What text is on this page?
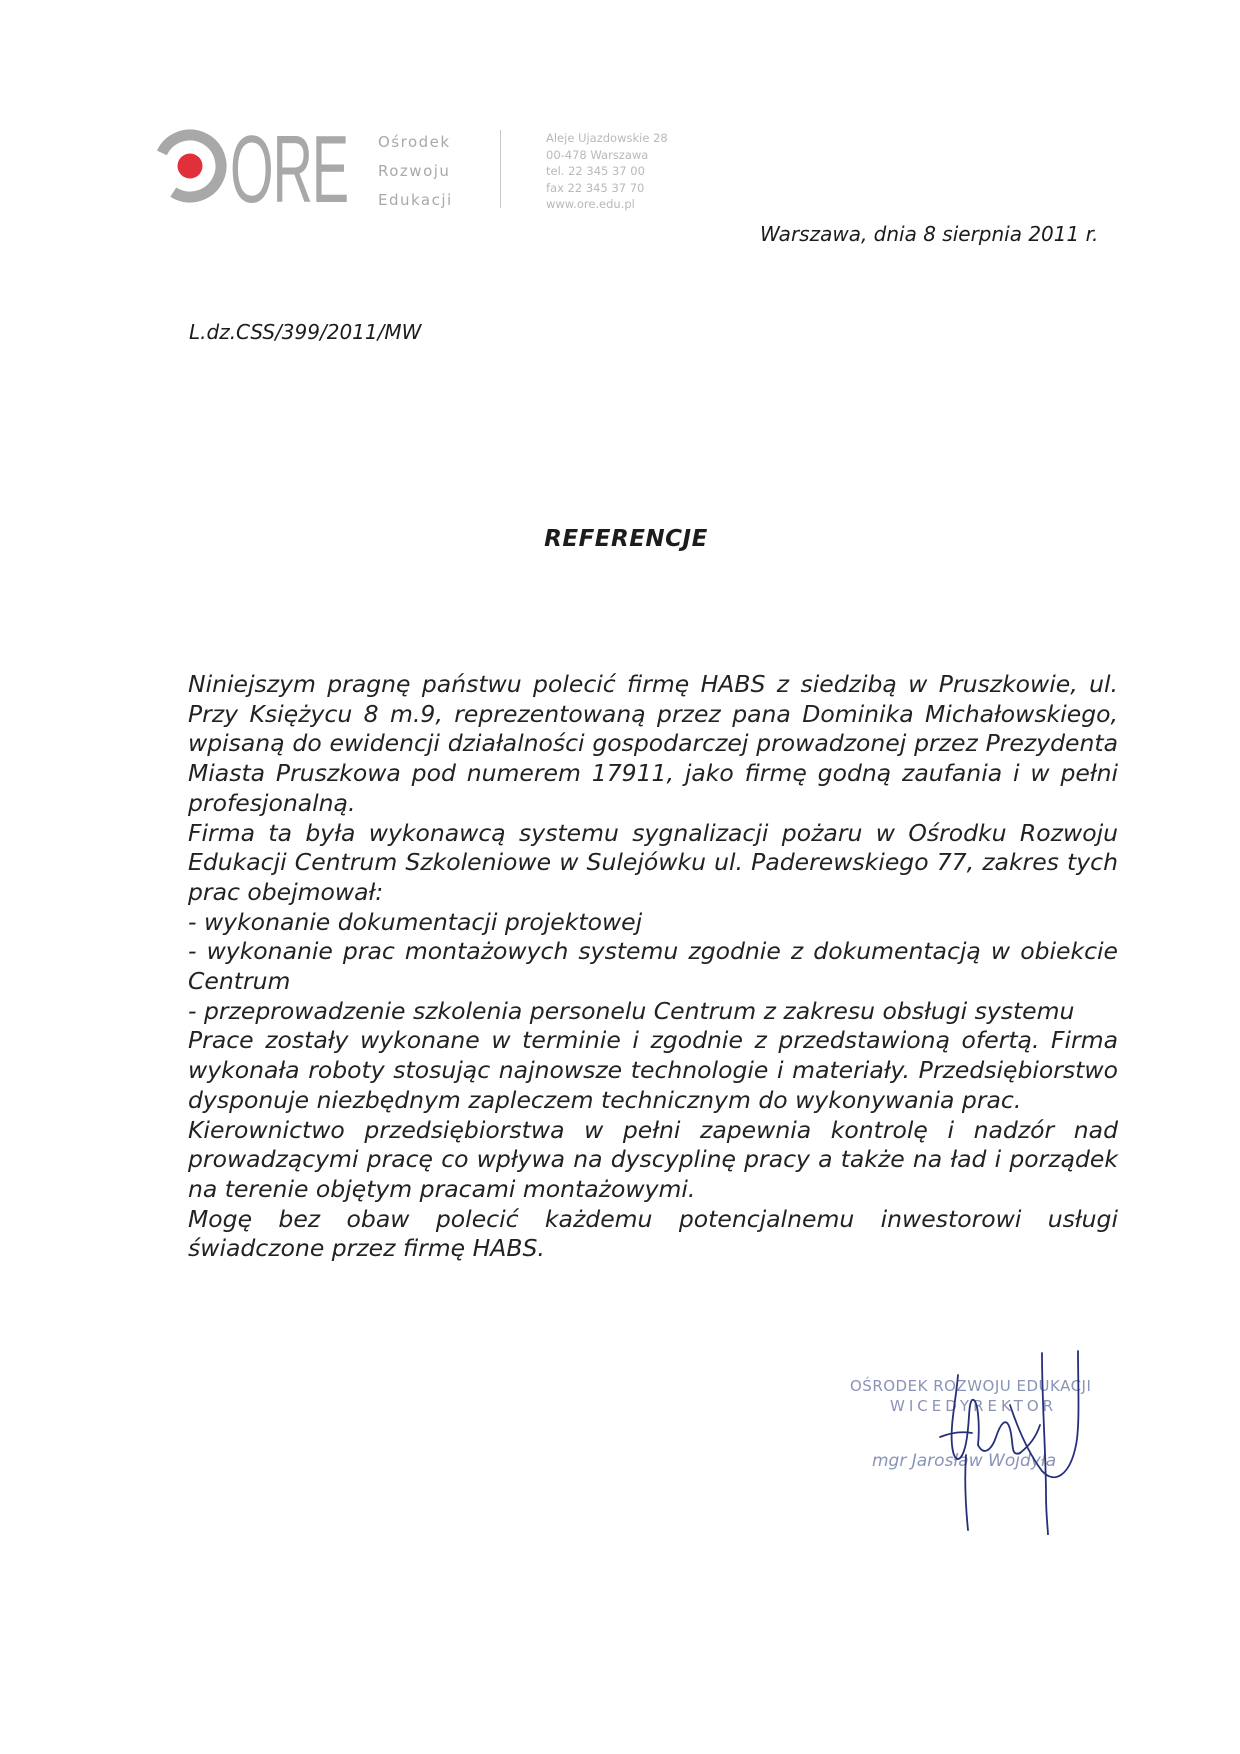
ORE Ośrodek
Rozwoju
Edukacji
Aleje Ujazdowskie 28
00-478 Warszawa
tel. 22 345 37 00
fax 22 345 37 70
www.ore.edu.pl
Warszawa, dnia 8 sierpnia 2011 r.
L.dz.CSS/399/2011/MW
REFERENCJE

Niniejszym pragnę państwu polecić firmę HABS z siedzibą w Pruszkowie, ul. Przy Księżycu 8 m.9, reprezentowaną przez pana Dominika Michałowskiego, wpisaną do ewidencji działalności gospodarczej prowadzonej przez Prezydenta Miasta Pruszkowa pod numerem 17911, jako firmę godną zaufania i w pełni profesjonalną.

Firma ta była wykonawcą systemu sygnalizacji pożaru w Ośrodku Rozwoju Edukacji Centrum Szkoleniowe w Sulejówku ul. Paderewskiego 77, zakres tych prac obejmował:

- wykonanie dokumentacji projektowej

- wykonanie prac montażowych systemu zgodnie z dokumentacją w obiekcie Centrum

- przeprowadzenie szkolenia personelu Centrum z zakresu obsługi systemu

Prace zostały wykonane w terminie i zgodnie z przedstawioną ofertą. Firma wykonała roboty stosując najnowsze technologie i materiały. Przedsiębiorstwo dysponuje niezbędnym zapleczem technicznym do wykonywania prac.

Kierownictwo przedsiębiorstwa w pełni zapewnia kontrolę i nadzór nad prowadzącymi pracę co wpływa na dyscyplinę pracy a także na ład i porządek na terenie objętym pracami montażowymi.

Mogę bez obaw polecić każdemu potencjalnemu inwestorowi usługi świadczone przez firmę HABS.

OŚRODEK ROZWOJU EDUKACJI
WICEDYREKTOR
mgr Jarosław Wojdyła
